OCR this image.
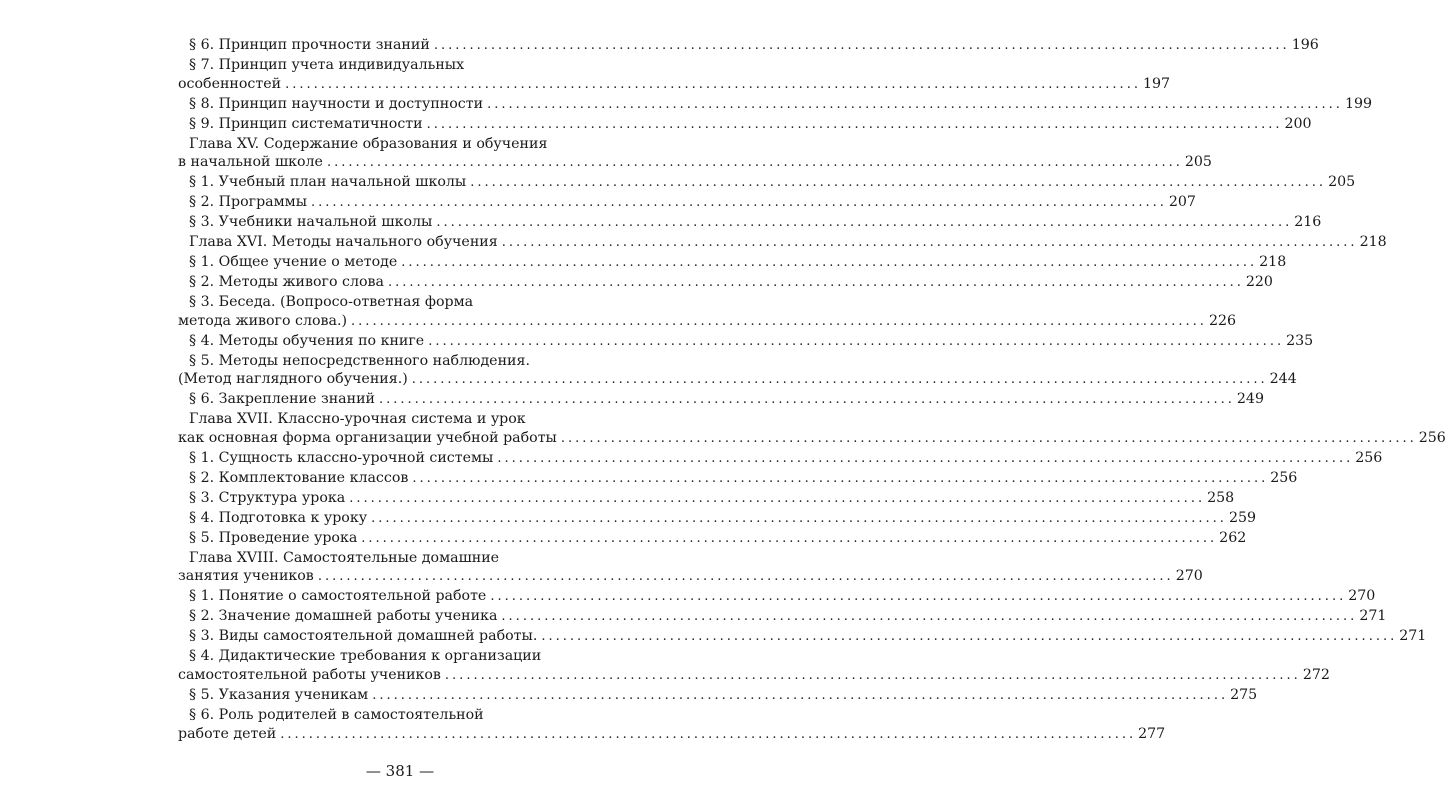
§ 6. Принцип прочности знаний ........................................................................................................................ 196
§ 7. Принцип учета индивидуальных
особенностей ........................................................................................................................ 197
§ 8. Принцип научности и доступности ........................................................................................................................ 199
§ 9. Принцип систематичности ........................................................................................................................ 200
Глава XV. Содержание образования и обучения
в начальной школе ........................................................................................................................ 205
§ 1. Учебный план начальной школы ........................................................................................................................ 205
§ 2. Программы ........................................................................................................................ 207
§ 3. Учебники начальной школы ........................................................................................................................ 216
Глава XVI. Методы начального обучения ........................................................................................................................ 218
§ 1. Общее учение о методе ........................................................................................................................ 218
§ 2. Методы живого слова ........................................................................................................................ 220
§ 3. Беседа. (Вопросо-ответная форма
метода живого слова.) ........................................................................................................................ 226
§ 4. Методы обучения по книге ........................................................................................................................ 235
§ 5. Методы непосредственного наблюдения.
(Метод наглядного обучения.) ........................................................................................................................ 244
§ 6. Закрепление знаний ........................................................................................................................ 249
Глава XVII. Классно-урочная система и урок
как основная форма организации учебной работы ........................................................................................................................ 256
§ 1. Сущность классно-урочной системы ........................................................................................................................ 256
§ 2. Комплектование классов ........................................................................................................................ 256
§ 3. Структура урока ........................................................................................................................ 258
§ 4. Подготовка к уроку ........................................................................................................................ 259
§ 5. Проведение урока ........................................................................................................................ 262
Глава XVIII. Самостоятельные домашние
занятия учеников ........................................................................................................................ 270
§ 1. Понятие о самостоятельной работе ........................................................................................................................ 270
§ 2. Значение домашней работы ученика ........................................................................................................................ 271
§ 3. Виды самостоятельной домашней работы. ........................................................................................................................ 271
§ 4. Дидактические требования к организации
самостоятельной работы учеников ........................................................................................................................ 272
§ 5. Указания ученикам ........................................................................................................................ 275
§ 6. Роль родителей в самостоятельной
работе детей ........................................................................................................................ 277
— 381 —
